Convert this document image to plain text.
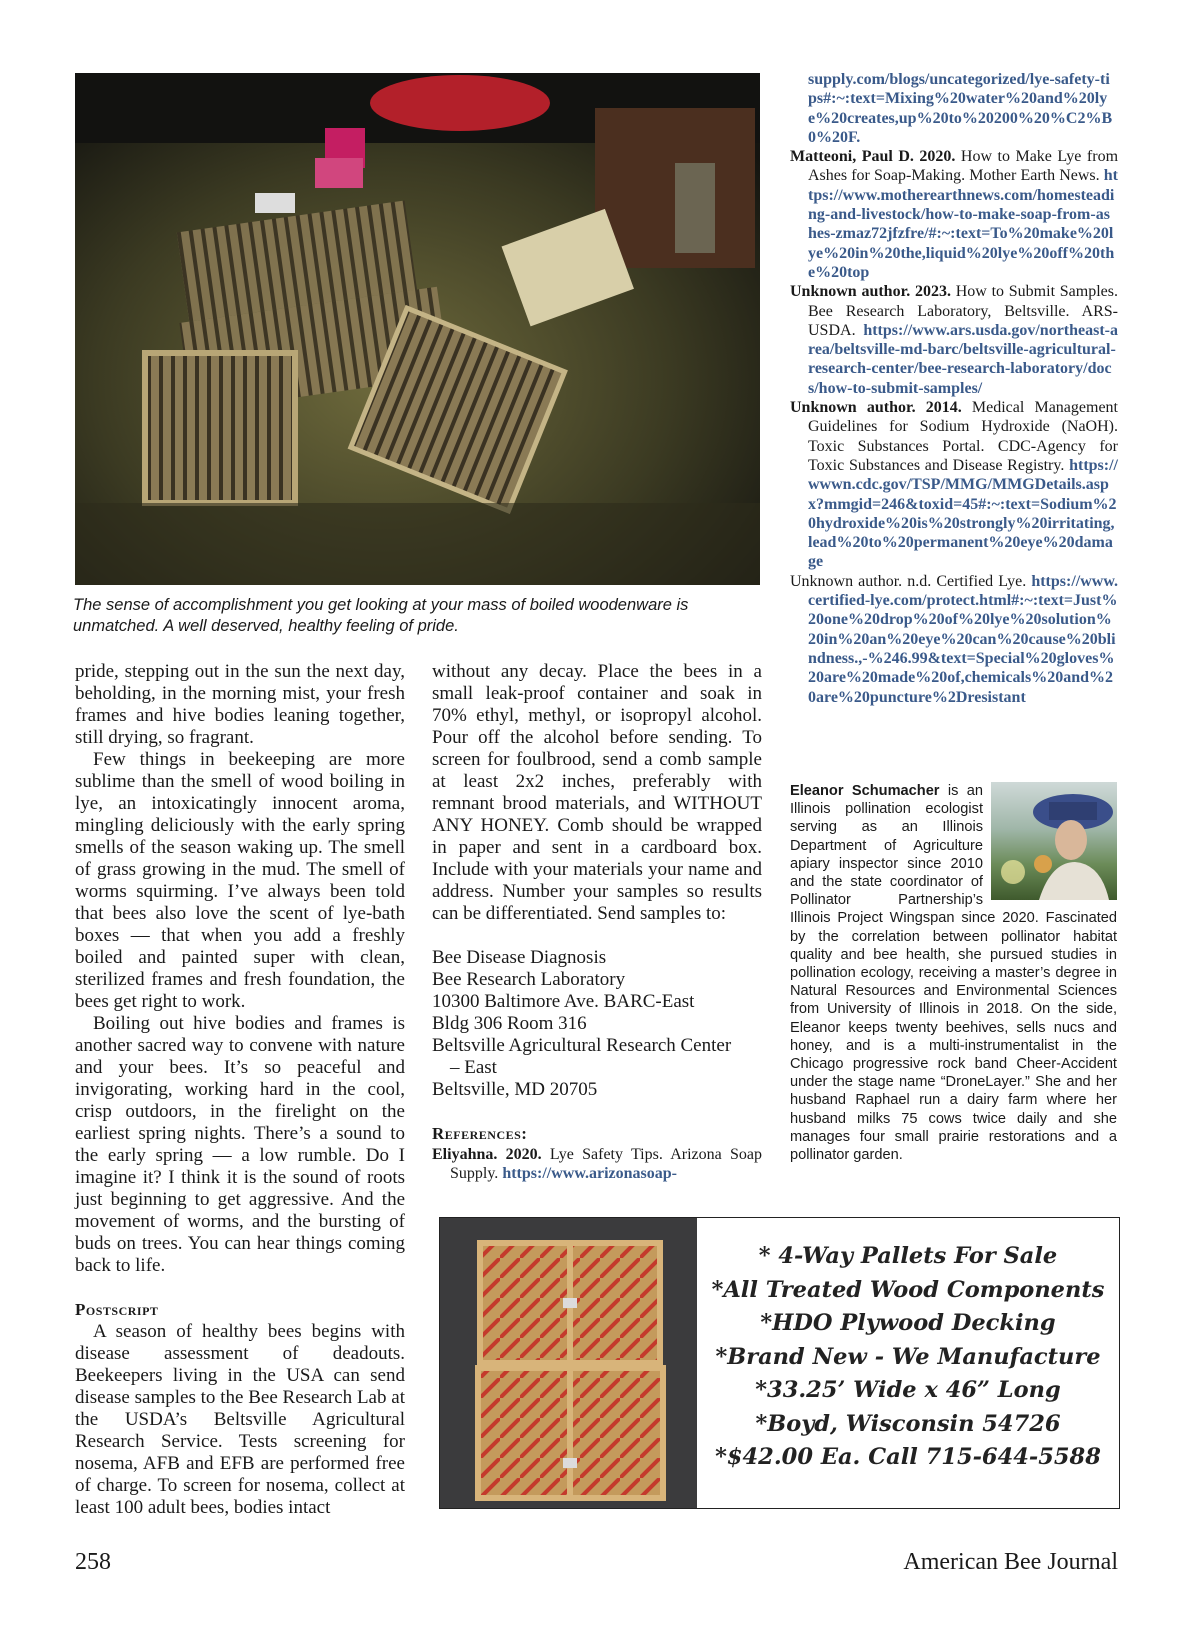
The sense of accomplishment you get looking at your mass of boiled woodenware is unmatched. A well deserved, healthy feeling of pride.

pride, stepping out in the sun the next day, beholding, in the morning mist, your fresh frames and hive bodies leaning together, still drying, so fragrant.

Few things in beekeeping are more sublime than the smell of wood boiling in lye, an intoxicatingly innocent aroma, mingling deliciously with the early spring smells of the season waking up. The smell of grass growing in the mud. The smell of worms squirming. I’ve always been told that bees also love the scent of lye-bath boxes — that when you add a freshly boiled and painted super with clean, sterilized frames and fresh foundation, the bees get right to work.

Boiling out hive bodies and frames is another sacred way to convene with nature and your bees. It’s so peaceful and invigorating, working hard in the cool, crisp outdoors, in the firelight on the earliest spring nights. There’s a sound to the early spring — a low rumble. Do I imagine it? I think it is the sound of roots just beginning to get aggressive. And the movement of worms, and the bursting of buds on trees. You can hear things coming back to life.

Postscript

A season of healthy bees begins with disease assessment of deadouts. Beekeepers living in the USA can send disease samples to the Bee Research Lab at the USDA’s Beltsville Agricultural Research Service. Tests screening for nosema, AFB and EFB are performed free of charge. To screen for nosema, collect at least 100 adult bees, bodies intact

without any decay. Place the bees in a small leak-proof container and soak in 70% ethyl, methyl, or isopropyl alcohol. Pour off the alcohol before sending. To screen for foulbrood, send a comb sample at least 2x2 inches, preferably with remnant brood materials, and WITHOUT ANY HONEY. Comb should be wrapped in paper and sent in a cardboard box. Include with your materials your name and address. Number your samples so results can be differentiated. Send samples to:

Bee Disease Diagnosis

Bee Research Laboratory

10300 Baltimore Ave. BARC-East

Bldg 306 Room 316

Beltsville Agricultural Research Center

– East

Beltsville, MD 20705

References:

Eliyahna. 2020. Lye Safety Tips. Arizona Soap Supply. https://www.arizonasoap-

supply.com/blogs/uncategorized/lye-safety-tips#:~:text=Mixing%20water%20and%20lye%20creates,up%20to%20200%20%C2%B0%20F.

Matteoni, Paul D. 2020. How to Make Lye from Ashes for Soap-Making. Mother Earth News. https://www.motherearthnews.com/homesteading-and-livestock/how-to-make-soap-from-ashes-zmaz72jfzfre/#:~:text=To%20make%20lye%20in%20the,liquid%20lye%20off%20the%20top

Unknown author. 2023. How to Submit Samples. Bee Research Laboratory, Beltsville. ARS-USDA. https://www.ars.usda.gov/northeast-area/beltsville-md-barc/beltsville-agricultural-research-center/bee-research-laboratory/docs/how-to-submit-samples/

Unknown author. 2014. Medical Management Guidelines for Sodium Hydroxide (NaOH). Toxic Substances Portal. CDC-Agency for Toxic Substances and Disease Registry. https://wwwn.cdc.gov/TSP/MMG/MMGDetails.aspx?mmgid=246&toxid=45#:~:text=Sodium%20hydroxide%20is%20strongly%20irritating,lead%20to%20permanent%20eye%20damage

Unknown author. n.d. Certified Lye. https://www.certified-lye.com/protect.html#:~:text=Just%20one%20drop%20of%20lye%20solution%20in%20an%20eye%20can%20cause%20blindness.,-%246.99&text=Special%20gloves%20are%20made%20of,chemicals%20and%20are%20puncture%2Dresistant

Eleanor Schumacher is an Illinois pollination ecologist serving as an Illinois Department of Agriculture apiary inspector since 2010 and the state coordinator of Pollinator Partnership’s Illinois Project Wingspan since 2020. Fascinated by the correlation between pollinator habitat quality and bee health, she pursued studies in pollination ecology, receiving a master’s degree in Natural Resources and Environmental Sciences from University of Illinois in 2018. On the side, Eleanor keeps twenty beehives, sells nucs and honey, and is a multi-instrumentalist in the Chicago progressive rock band Cheer-Accident under the stage name “DroneLayer.” She and her husband Raphael run a dairy farm where her husband milks 75 cows twice daily and she manages four small prairie restorations and a pollinator garden.
* 4-Way Pallets For Sale
*All Treated Wood Components
*HDO Plywood Decking
*Brand New - We Manufacture
*33.25’ Wide x 46” Long
*Boyd, Wisconsin 54726
*$42.00 Ea. Call 715-644-5588
258	American Bee Journal
